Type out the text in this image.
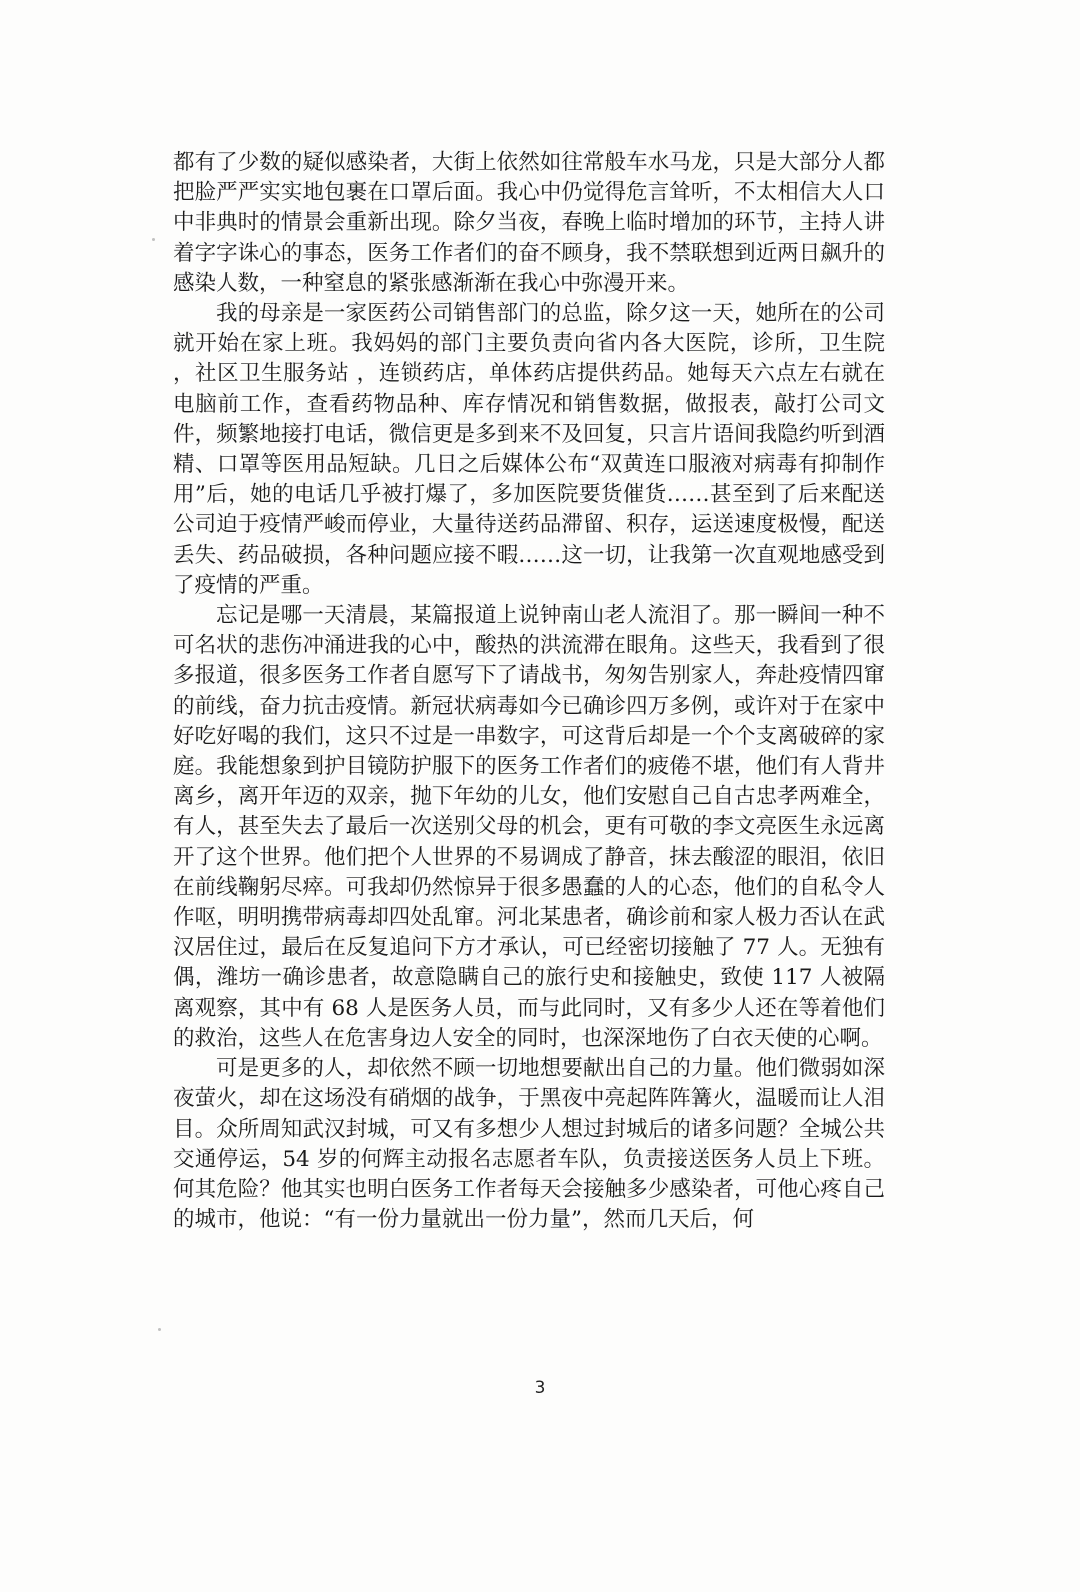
都有了少数的疑似感染者，大街上依然如往常般车水马龙，只是大部分人都把脸严严实实地包裹在口罩后面。我心中仍觉得危言耸听，不太相信大人口中非典时的情景会重新出现。除夕当夜，春晚上临时增加的环节，主持人讲着字字诛心的事态，医务工作者们的奋不顾身，我不禁联想到近两日飙升的感染人数，一种窒息的紧张感渐渐在我心中弥漫开来。

我的母亲是一家医药公司销售部门的总监，除夕这一天，她所在的公司就开始在家上班。我妈妈的部门主要负责向省内各大医院，诊所，卫生院 ，社区卫生服务站 ，连锁药店，单体药店提供药品。她每天六点左右就在电脑前工作，查看药物品种、库存情况和销售数据，做报表，敲打公司文件，频繁地接打电话，微信更是多到来不及回复，只言片语间我隐约听到酒精、口罩等医用品短缺。几日之后媒体公布“双黄连口服液对病毒有抑制作用”后，她的电话几乎被打爆了，多加医院要货催货……甚至到了后来配送公司迫于疫情严峻而停业，大量待送药品滞留、积存，运送速度极慢，配送丢失、药品破损，各种问题应接不暇……这一切，让我第一次直观地感受到了疫情的严重。

忘记是哪一天清晨，某篇报道上说钟南山老人流泪了。那一瞬间一种不可名状的悲伤冲涌进我的心中，酸热的洪流滞在眼角。这些天，我看到了很多报道，很多医务工作者自愿写下了请战书，匆匆告别家人，奔赴疫情四窜的前线，奋力抗击疫情。新冠状病毒如今已确诊四万多例，或许对于在家中好吃好喝的我们，这只不过是一串数字，可这背后却是一个个支离破碎的家庭。我能想象到护目镜防护服下的医务工作者们的疲倦不堪，他们有人背井离乡，离开年迈的双亲，抛下年幼的儿女，他们安慰自己自古忠孝两难全，有人，甚至失去了最后一次送别父母的机会，更有可敬的李文亮医生永远离开了这个世界。他们把个人世界的不易调成了静音，抹去酸涩的眼泪，依旧在前线鞠躬尽瘁。可我却仍然惊异于很多愚蠢的人的心态，他们的自私令人作呕，明明携带病毒却四处乱窜。河北某患者，确诊前和家人极力否认在武汉居住过，最后在反复追问下方才承认，可已经密切接触了 77 人。无独有偶，潍坊一确诊患者，故意隐瞒自己的旅行史和接触史，致使 117 人被隔离观察，其中有 68 人是医务人员，而与此同时，又有多少人还在等着他们的救治，这些人在危害身边人安全的同时，也深深地伤了白衣天使的心啊。

可是更多的人，却依然不顾一切地想要献出自己的力量。他们微弱如深夜萤火，却在这场没有硝烟的战争，于黑夜中亮起阵阵篝火，温暖而让人泪目。众所周知武汉封城，可又有多想少人想过封城后的诸多问题？全城公共交通停运，54 岁的何辉主动报名志愿者车队，负责接送医务人员上下班。何其危险？他其实也明白医务工作者每天会接触多少感染者，可他心疼自己的城市，他说：“有一份力量就出一份力量”，然而几天后，何

3
